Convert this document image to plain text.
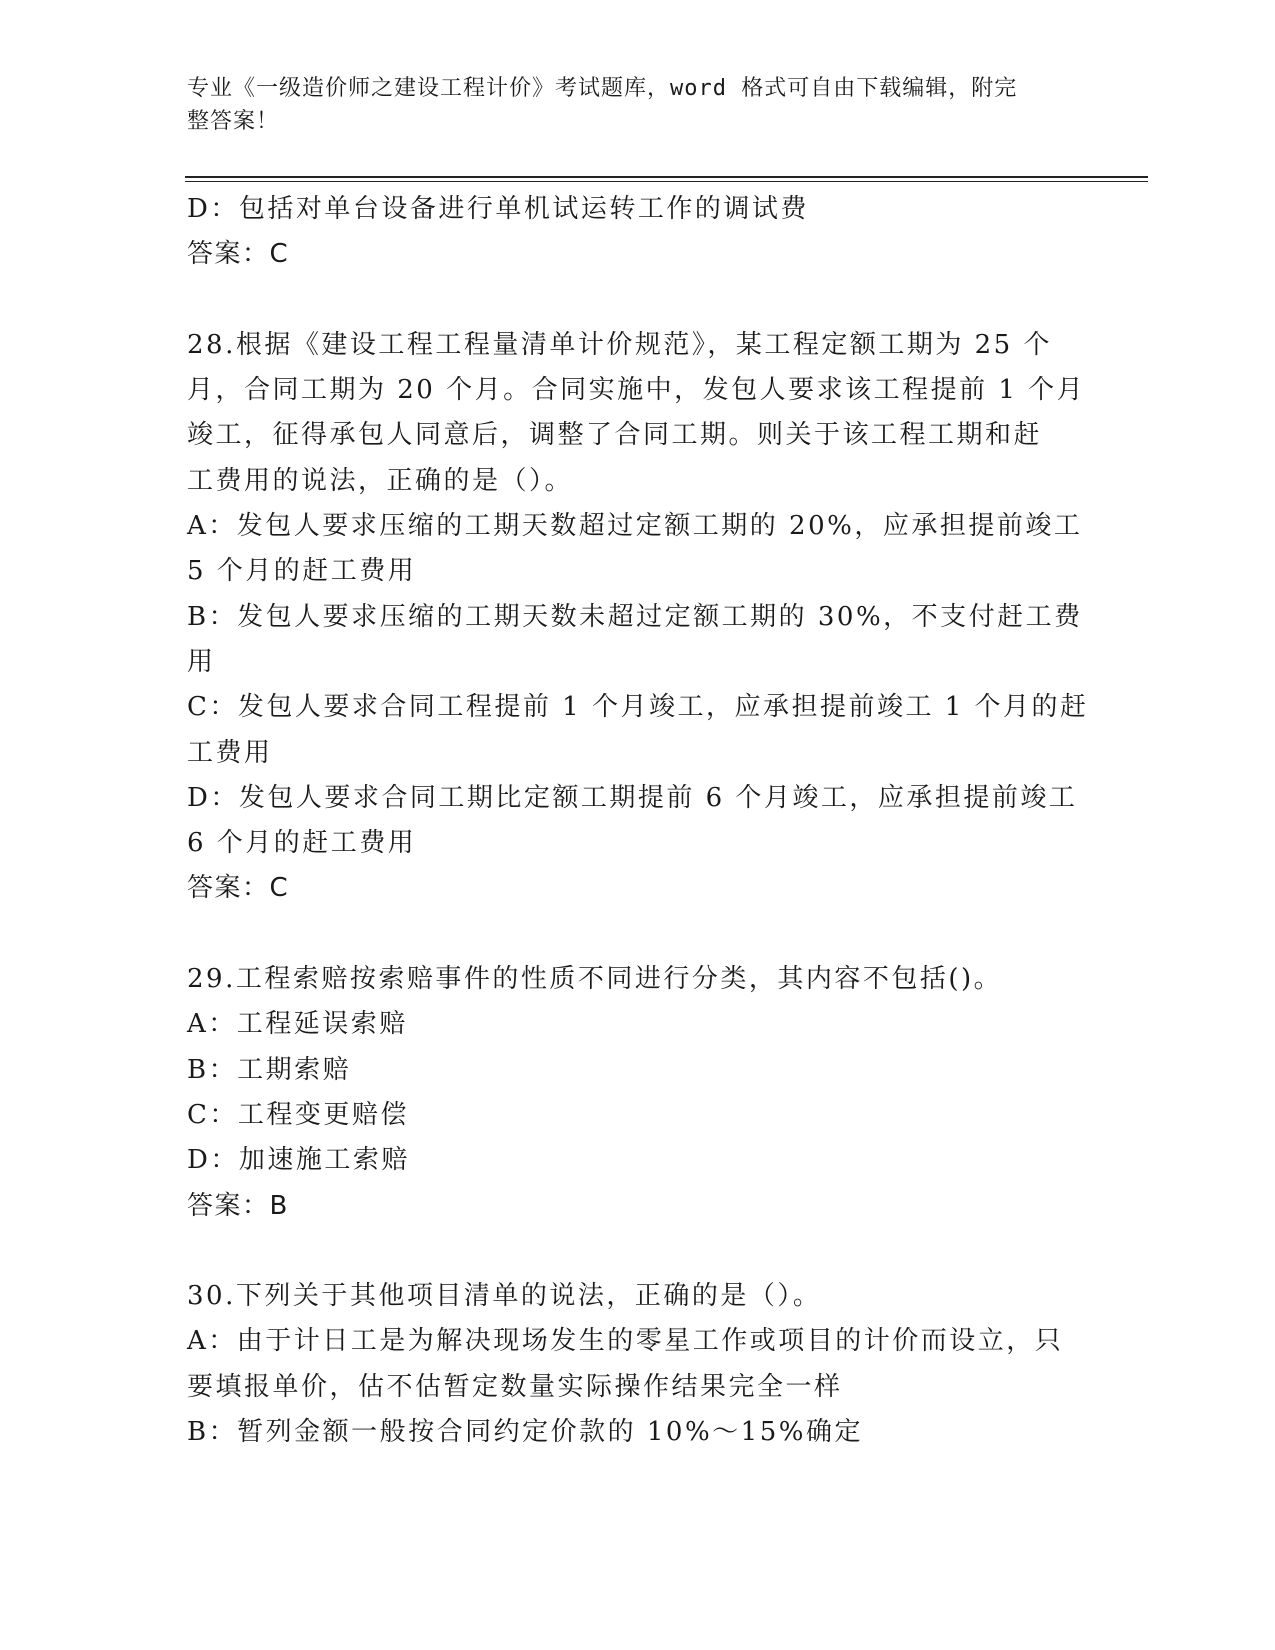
专业《一级造价师之建设工程计价》考试题库，word 格式可自由下载编辑，附完
整答案！
D：包括对单台设备进行单机试运转工作的调试费
答案：C
28.根据《建设工程工程量清单计价规范》，某工程定额工期为 25 个
月，合同工期为 20 个月。合同实施中，发包人要求该工程提前 1 个月
竣工，征得承包人同意后，调整了合同工期。则关于该工程工期和赶
工费用的说法，正确的是（）。
A：发包人要求压缩的工期天数超过定额工期的 20%，应承担提前竣工
5 个月的赶工费用
B：发包人要求压缩的工期天数未超过定额工期的 30%，不支付赶工费
用
C：发包人要求合同工程提前 1 个月竣工，应承担提前竣工 1 个月的赶
工费用
D：发包人要求合同工期比定额工期提前 6 个月竣工，应承担提前竣工
6 个月的赶工费用
答案：C
29.工程索赔按索赔事件的性质不同进行分类，其内容不包括()。
A：工程延误索赔
B：工期索赔
C：工程变更赔偿
D：加速施工索赔
答案：B
30.下列关于其他项目清单的说法，正确的是（）。
A：由于计日工是为解决现场发生的零星工作或项目的计价而设立，只
要填报单价，估不估暂定数量实际操作结果完全一样
B：暂列金额一般按合同约定价款的 10%～15%确定
